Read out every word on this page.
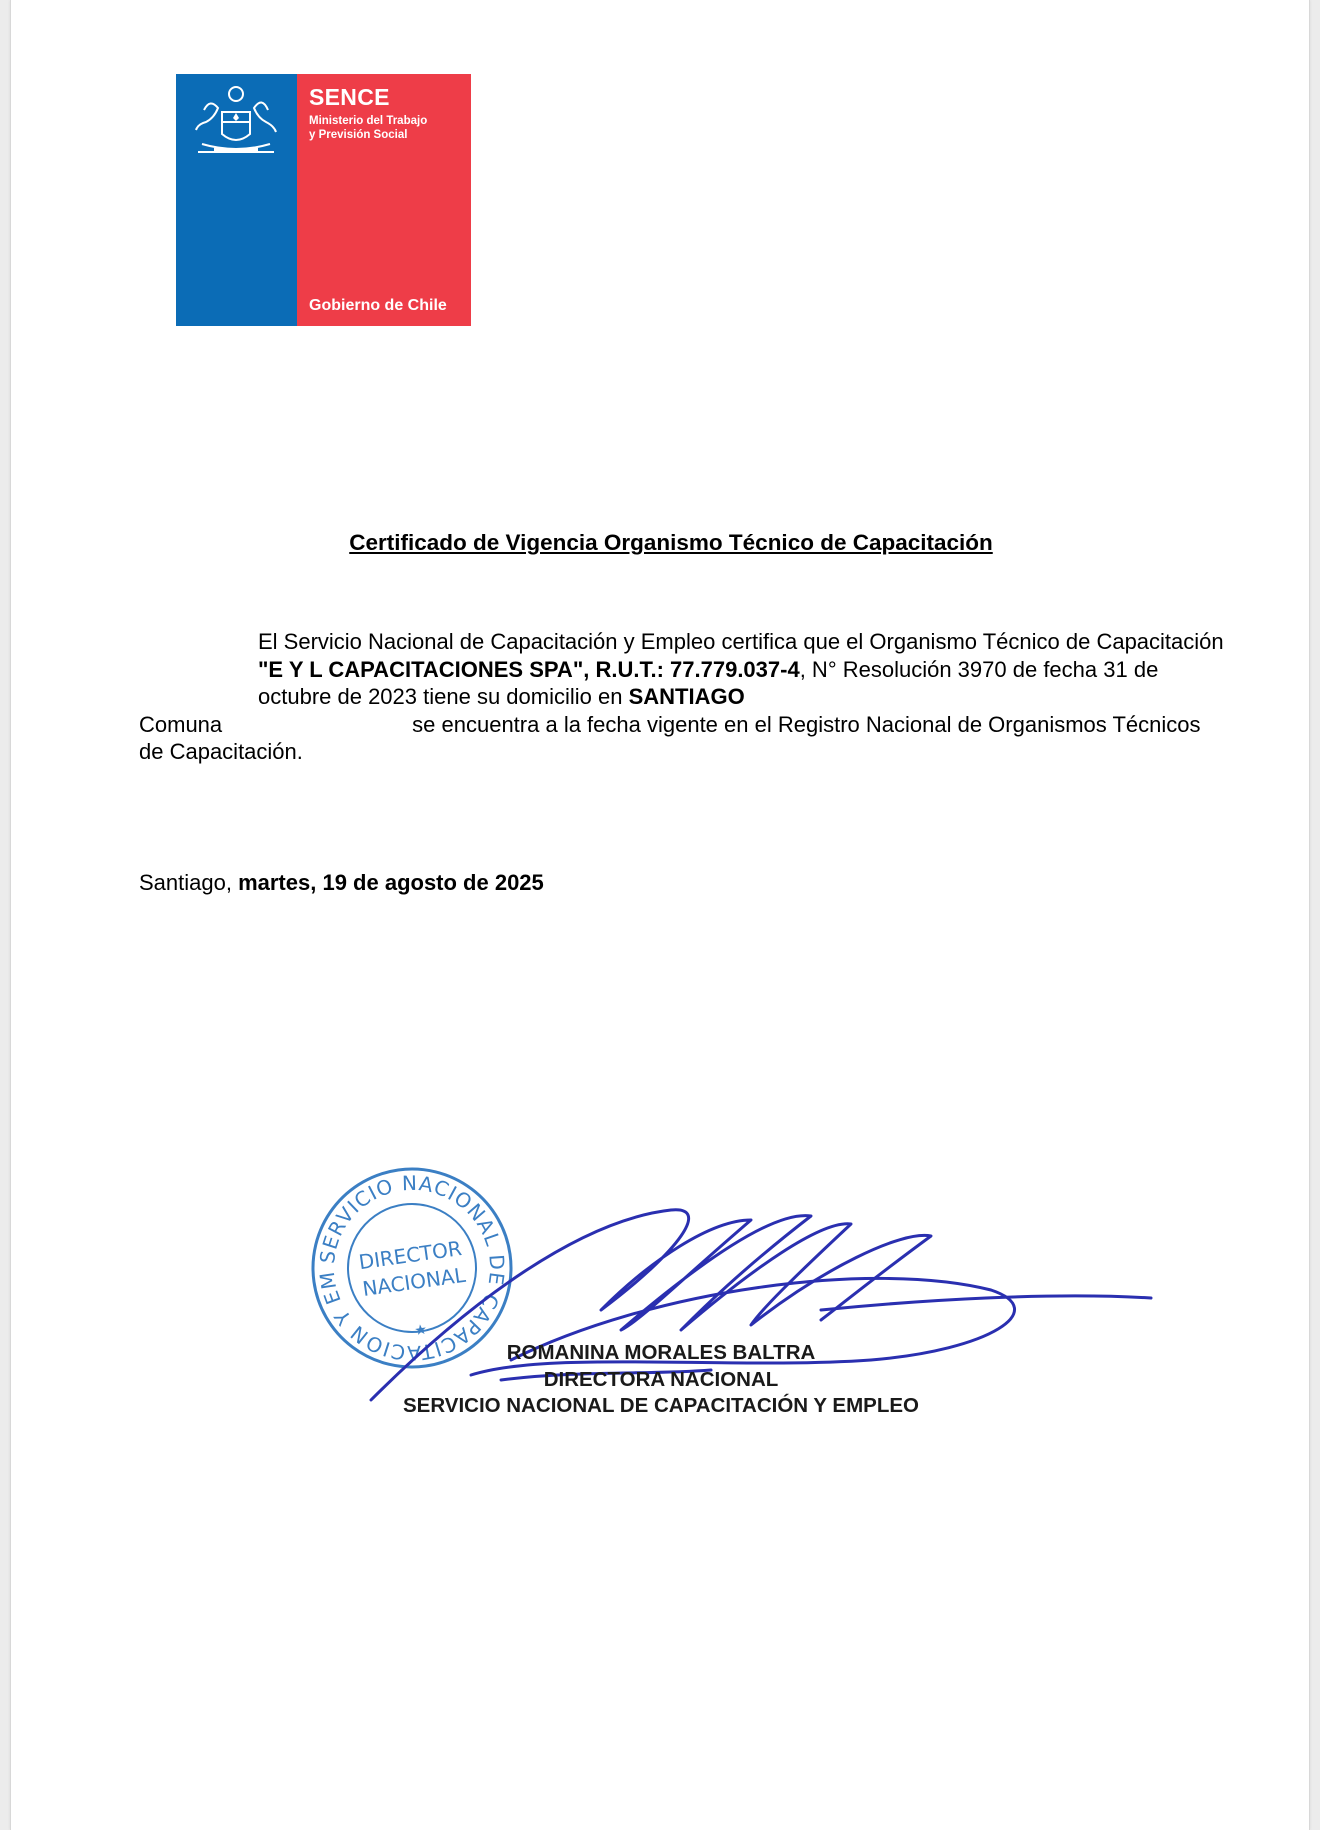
SENCE
Ministerio del Trabajo
y Previsión Social
Gobierno de Chile
Certificado de Vigencia Organismo Técnico de Capacitación

El Servicio Nacional de Capacitación y Empleo certifica que el Organismo Técnico de Capacitación "E Y L CAPACITACIONES SPA", R.U.T.: 77.779.037-4, N° Resolución 3970 de fecha 31 de octubre de 2023 tiene su domicilio en SANTIAGO

Comuna	se encuentra a la fecha vigente en el Registro Nacional de Organismos Técnicos de Capacitación.

Santiago, martes, 19 de agosto de 2025
SERVICIO NACIONAL DE CAPACITACION Y EMPLEO
DIRECTOR
NACIONAL
★
ROMANINA MORALES BALTRA
DIRECTORA NACIONAL
SERVICIO NACIONAL DE CAPACITACIÓN Y EMPLEO
